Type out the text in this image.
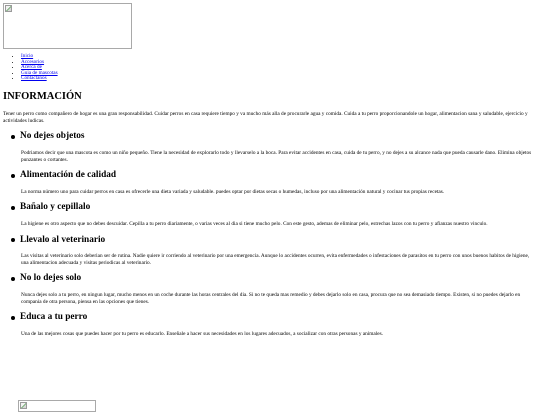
• Inicio
• Accesorios
• Acerca de
• Guia de mascotas
• Contactanos
INFORMACIÓN

Tener un perro como compañero de hogar es una gran responsabilidad. Cuidar perros en casa requiere tiempo y va mucho más alla de procurarle agua y comida. Cuida a tu perro proporcionandole un hogar, alimentacion sana y saludable, ejercicio y actividades ludicas.

No dejes objetos

Podriamos decir que una mascota es como un niño pequeño. Tiene la necesidad de explorarlo todo y llevarselo a la boca. Para evitar accidentes en casa, cuida de tu perro, y no dejes a su alcance nada que pueda causarle dano. Elimina objetos punzantes o cortantes.

Alimentación de calidad

La norma número uno para cuidar perros en casa es ofrecerle una dieta variada y saludable. puedes optar por dietas secas o humedas, incluso por una alimentación natural y cocinar tus propias recetas.

Bañalo y cepillalo

La higiene es otro aspecto que no debes descuidar. Cepilla a tu perro diariamente, o varias veces al dia si tiene mucho pelo. Con este gesto, ademas de eliminar pelo, estrechas lazos con tu perro y afianzas nuestro vinculo.

Llevalo al veterinario

Las visitas al veterinario solo deberian ser de rutina. Nadie quiere ir corriendo al veterinario por una emergencia. Aunque lo accidentes ocurren, evita enfermedades o infestaciones de parasitos en tu perro con unos buenos habitos de higiene, una alimentacion adecuada y visitas periodicas al veterinario.

No lo dejes solo

Nunca dejes solo a tu perro, en ningun lugar, mucho menos en un coche durante las horas centrales del dia. Si no te queda mas remedio y debes dejarlo solo en casa, procura que no sea demasiado tiempo. Existen, si no puedes dejarlo en compania de otra persona, piensa en las opciones que tienes.

Educa a tu perro

Una de las mejores cosas que puedes hacer por tu perro es educarlo. Enseñale a hacer sus necesidades en los lugares adecuados, a socializar con otras personas y animales.
